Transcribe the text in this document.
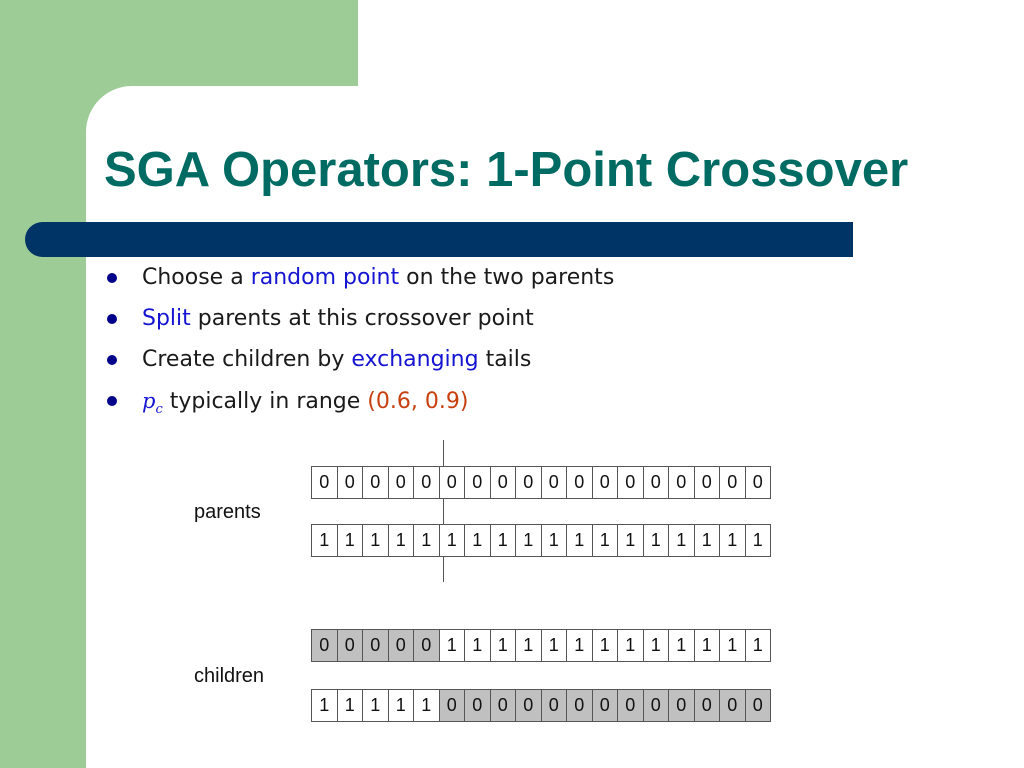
SGA Operators: 1-Point Crossover
Choose a random point on the two parents
Split parents at this crossover point
Create children by exchanging tails
$p_c$ typically in range (0.6, 0.9)
parents
children
0 0 0 0 0 0 0 0 0 0 0 0 0 0 0 0 0 0
1 1 1 1 1 1 1 1 1 1 1 1 1 1 1 1 1 1
0 0 0 0 0 1 1 1 1 1 1 1 1 1 1 1 1 1
1 1 1 1 1 0 0 0 0 0 0 0 0 0 0 0 0 0
